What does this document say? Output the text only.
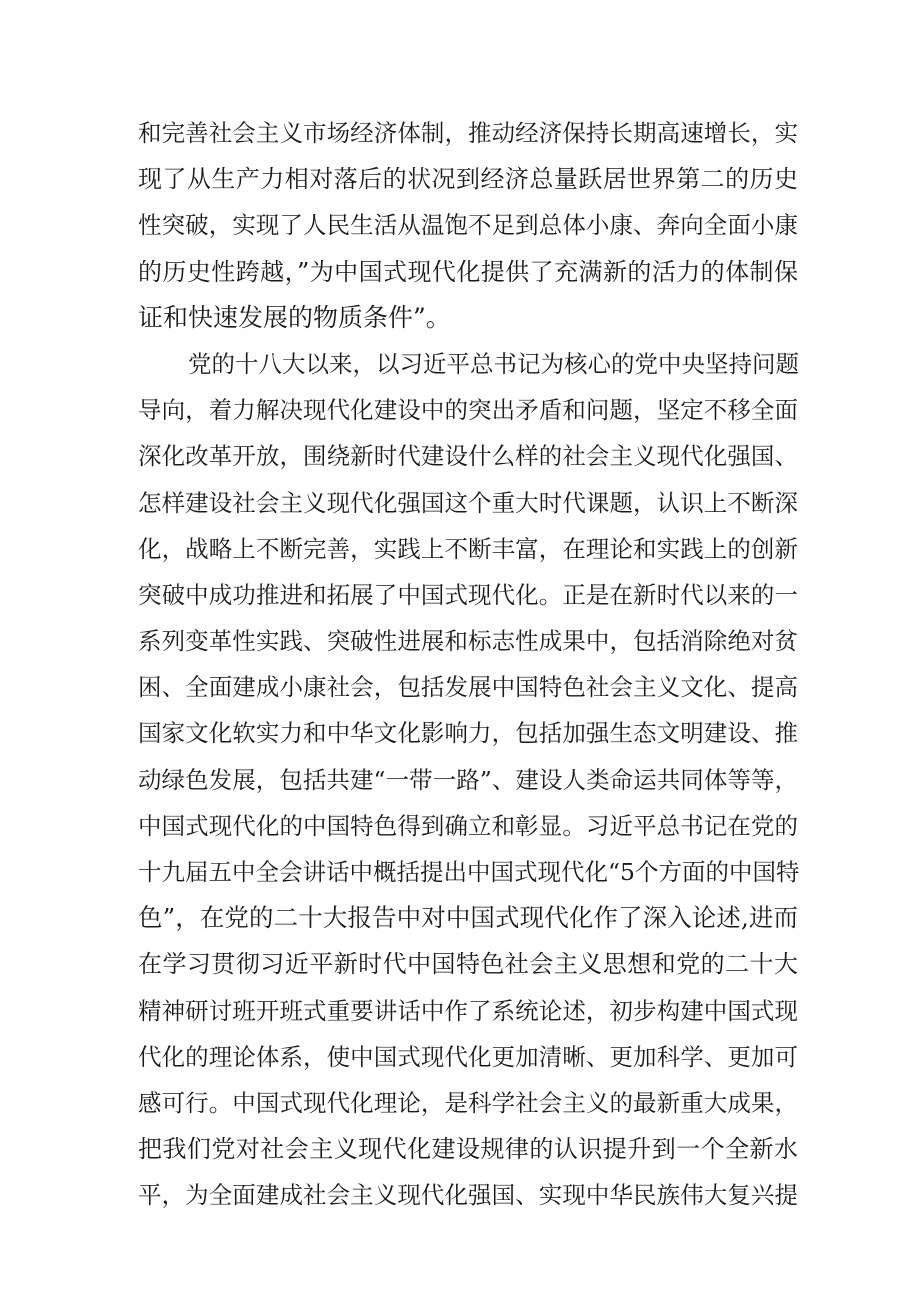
和完善社会主义市场经济体制，推动经济保持长期高速增长，实
现了从生产力相对落后的状况到经济总量跃居世界第二的历史
性突破，实现了人民生活从温饱不足到总体小康、奔向全面小康
的历史性跨越，”为中国式现代化提供了充满新的活力的体制保
证和快速发展的物质条件”。
党的十八大以来，以习近平总书记为核心的党中央坚持问题
导向，着力解决现代化建设中的突出矛盾和问题，坚定不移全面
深化改革开放，围绕新时代建设什么样的社会主义现代化强国、
怎样建设社会主义现代化强国这个重大时代课题，认识上不断深
化，战略上不断完善，实践上不断丰富，在理论和实践上的创新
突破中成功推进和拓展了中国式现代化。正是在新时代以来的一
系列变革性实践、突破性进展和标志性成果中，包括消除绝对贫
困、全面建成小康社会，包括发展中国特色社会主义文化、提高
国家文化软实力和中华文化影响力，包括加强生态文明建设、推
动绿色发展，包括共建“一带一路”、建设人类命运共同体等等，
中国式现代化的中国特色得到确立和彰显。习近平总书记在党的
十九届五中全会讲话中概括提出中国式现代化“5个方面的中国特
色”，在党的二十大报告中对中国式现代化作了深入论述,进而
在学习贯彻习近平新时代中国特色社会主义思想和党的二十大
精神研讨班开班式重要讲话中作了系统论述，初步构建中国式现
代化的理论体系，使中国式现代化更加清晰、更加科学、更加可
感可行。中国式现代化理论，是科学社会主义的最新重大成果，
把我们党对社会主义现代化建设规律的认识提升到一个全新水
平，为全面建成社会主义现代化强国、实现中华民族伟大复兴提
